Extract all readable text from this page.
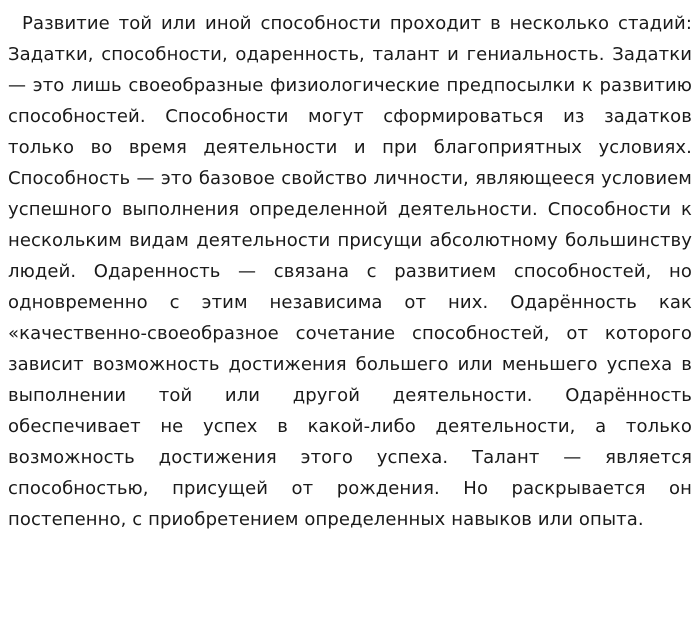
Развитие той или иной способности проходит в несколько стадий: Задатки, способности, одаренность, талант и гениальность. Задатки — это лишь своеобразные физиологические предпосылки к развитию способностей. Способности могут сформироваться из задатков только во время деятельности и при благоприятных условиях. Способность — это базовое свойство личности, являющееся условием успешного выполнения определенной деятельности. Способности к нескольким видам деятельности присущи абсолютному большинству людей. Одаренность — связана с развитием способностей, но одновременно с этим независима от них. Одарённость как «качественно-своеобразное сочетание способностей, от которого зависит возможность достижения большего или меньшего успеха в выполнении той или другой деятельности. Одарённость обеспечивает не успех в какой-либо деятельности, а только возможность достижения этого успеха. Талант — является способностью, присущей от рождения. Но раскрывается он постепенно, с приобретением определенных навыков или опыта.
